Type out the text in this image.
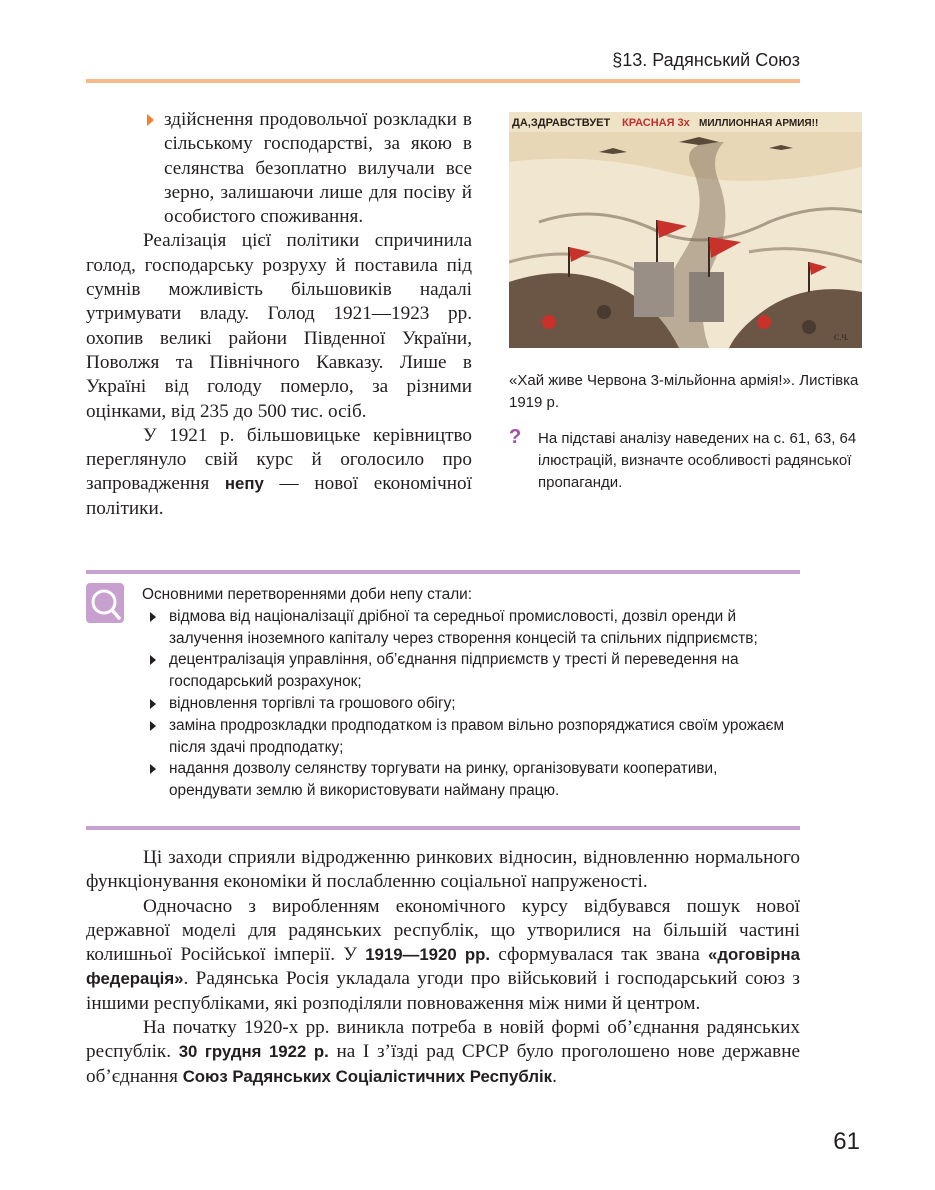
§13. Радянський Союз
здійснення продовольчої розкладки в сільському господарстві, за якою в селянства безоплатно вилучали все зерно, залишаючи лише для посіву й особистого споживання.

Реалізація цієї політики спричинила голод, господарську розруху й поставила під сумнів можливість більшовиків надалі утримувати владу. Голод 1921—1923 рр. охопив великі райони Південної України, Поволжя та Північного Кавказу. Лише в Україні від голоду померло, за різними оцінками, від 235 до 500 тис. осіб.

У 1921 р. більшовицьке керівництво переглянуло свій курс й оголосило про запровадження непу — нової економічної політики.

ДА,ЗДРАВСТВУЕТ КРАСНАЯ 3х МИЛЛИОННАЯ АРМИЯ!!
С.Ч.
«Хай живе Червона 3-мільйонна армія!». Листівка 1919 р.
? На підставі аналізу наведених на с. 61, 63, 64 ілюстрацій, визначте особливості радянської пропаганди.
Основними перетвореннями доби непу стали:
відмова від націоналізації дрібної та середньої промисловості, дозвіл оренди й залучення іноземного капіталу через створення концесій та спільних підприємств;
децентралізація управління, об’єднання підприємств у тресті й переведення на господарський розрахунок;
відновлення торгівлі та грошового обігу;
заміна продрозкладки продподатком із правом вільно розпоряджатися своїм урожаєм після здачі продподатку;
надання дозволу селянству торгувати на ринку, організовувати кооперативи, орендувати землю й використовувати найману працю.

Ці заходи сприяли відродженню ринкових відносин, відновленню нормального функціонування економіки й послабленню соціальної напруженості.

Одночасно з виробленням економічного курсу відбувався пошук нової державної моделі для радянських республік, що утворилися на більшій частині колишньої Російської імперії. У 1919—1920 рр. сформувалася так звана «договірна федерація». Радянська Росія укладала угоди про військовий і господарський союз з іншими республіками, які розподіляли повноваження між ними й центром.

На початку 1920-х рр. виникла потреба в новій формі об’єднання радянських республік. 30 грудня 1922 р. на І з’їзді рад СРСР було проголошено нове державне об’єднання Союз Радянських Соціалістичних Республік.

61
